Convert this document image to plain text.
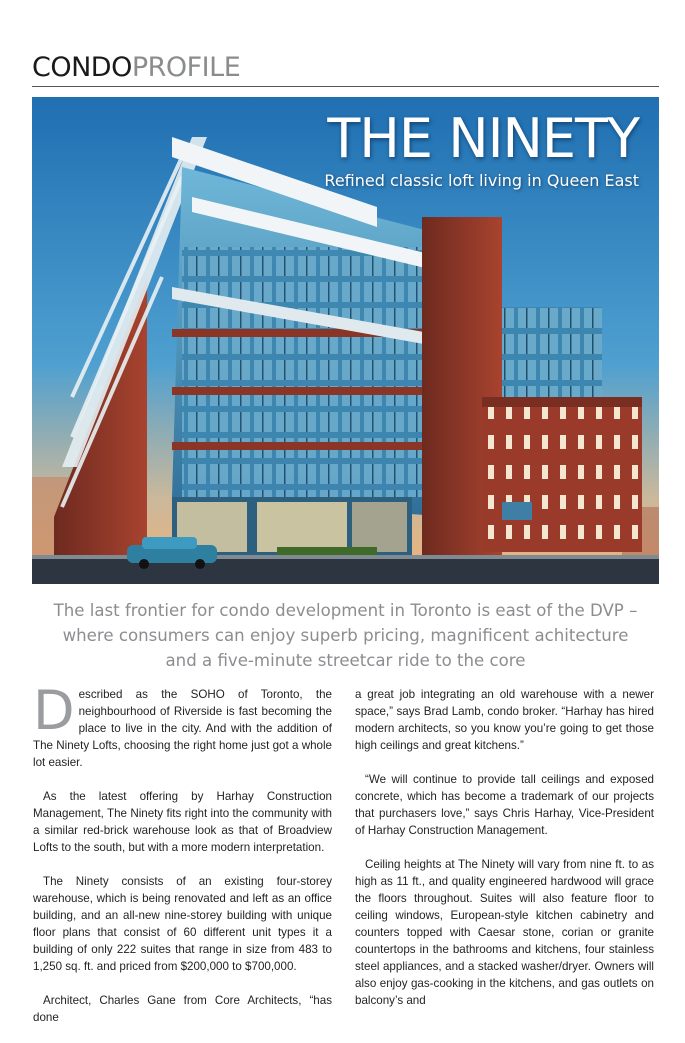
CONDOPROFILE
THE NINETY
Refined classic loft living in Queen East
The last frontier for condo development in Toronto is east of the DVP –
where consumers can enjoy superb pricing, magnificent achitecture
and a five-minute streetcar ride to the core

Described as the SOHO of Toronto, the neighbourhood of Riverside is fast becoming the place to live in the city. And with the addition of The Ninety Lofts, choosing the right home just got a whole lot easier.

As the latest offering by Harhay Construction Management, The Ninety fits right into the community with a similar red-brick warehouse look as that of Broadview Lofts to the south, but with a more modern interpretation.

The Ninety consists of an existing four-storey warehouse, which is being renovated and left as an office building, and an all-new nine-storey building with unique floor plans that consist of 60 different unit types it a building of only 222 suites that range in size from 483 to 1,250 sq. ft. and priced from $200,000 to $700,000.

Architect, Charles Gane from Core Architects, “has done

a great job integrating an old warehouse with a newer space,” says Brad Lamb, condo broker. “Harhay has hired modern architects, so you know you’re going to get those high ceilings and great kitchens.”

“We will continue to provide tall ceilings and exposed concrete, which has become a trademark of our projects that purchasers love,” says Chris Harhay, Vice-President of Harhay Construction Management.

Ceiling heights at The Ninety will vary from nine ft. to as high as 11 ft., and quality engineered hardwood will grace the floors throughout. Suites will also feature floor to ceiling windows, European-style kitchen cabinetry and counters topped with Caesar stone, corian or granite countertops in the bathrooms and kitchens, four stainless steel appliances, and a stacked washer/dryer. Owners will also enjoy gas-cooking in the kitchens, and gas outlets on balcony’s and
